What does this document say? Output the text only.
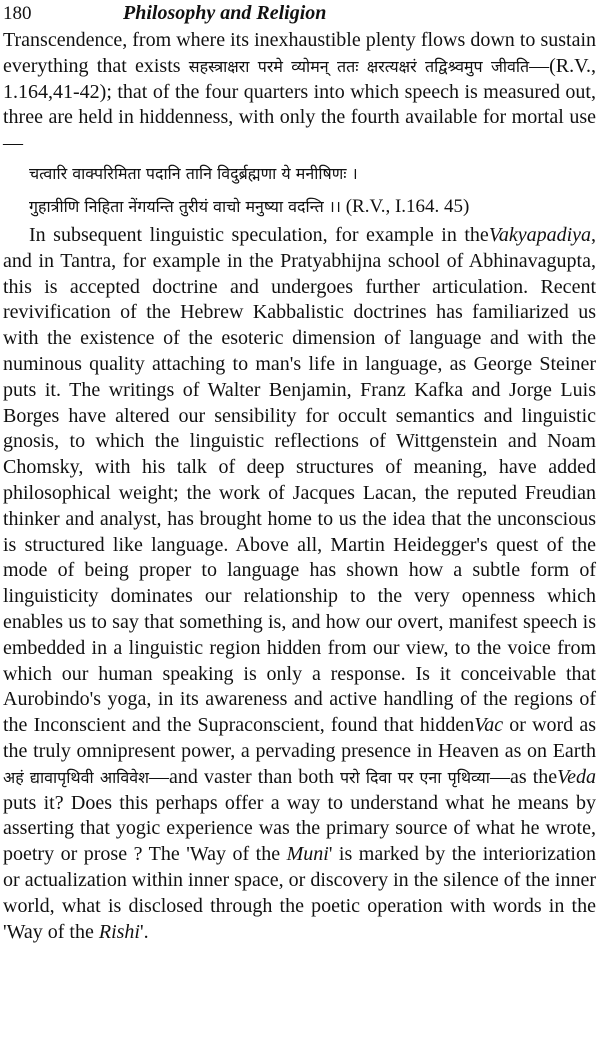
180	Philosophy and Religion

Transcendence, from where its inexhaustible plenty flows down to sustain everything that exists सहस्त्राक्षरा परमे व्योमन् ततः क्षरत्यक्षरं तद्विश्र्वमुप जीवति—(R.V., 1.164,41-42); that of the four quarters into which speech is measured out, three are held in hiddenness, with only the fourth available for mortal use—

चत्वारि वाक्परिमिता पदानि तानि विदुर्ब्रह्मणा ये मनीषिणः ।
गुहात्रीणि निहिता नेंगयन्ति तुरीयं वाचो मनुष्या वदन्ति ।। (R.V., I.164. 45)

In subsequent linguistic speculation, for example in theVakyapadiya, and in Tantra, for example in the Pratyabhijna school of Abhinavagupta, this is accepted doctrine and undergoes further articulation. Recent revivification of the Hebrew Kabbalistic doctrines has familiarized us with the existence of the esoteric dimension of language and with the numinous quality attaching to man's life in language, as George Steiner puts it. The writings of Walter Benjamin, Franz Kafka and Jorge Luis Borges have altered our sensibility for occult semantics and linguistic gnosis, to which the linguistic reflections of Wittgenstein and Noam Chomsky, with his talk of deep structures of meaning, have added philosophical weight; the work of Jacques Lacan, the reputed Freudian thinker and analyst, has brought home to us the idea that the unconscious is structured like language. Above all, Martin Heidegger's quest of the mode of being proper to language has shown how a subtle form of linguisticity dominates our relationship to the very openness which enables us to say that something is, and how our overt, manifest speech is embedded in a linguistic region hidden from our view, to the voice from which our human speaking is only a response. Is it conceivable that Aurobindo's yoga, in its awareness and active handling of the regions of the Inconscient and the Supraconscient, found that hiddenVac or word as the truly omnipresent power, a pervading presence in Heaven as on Earth अहं द्यावापृथिवी आविवेश—and vaster than both परो दिवा पर एना पृथिव्या—as theVeda puts it? Does this perhaps offer a way to understand what he means by asserting that yogic experience was the primary source of what he wrote, poetry or prose ? The 'Way of the Muni' is marked by the interiorization or actualization within inner space, or discovery in the silence of the inner world, what is disclosed through the poetic operation with words in the 'Way of the Rishi'.
